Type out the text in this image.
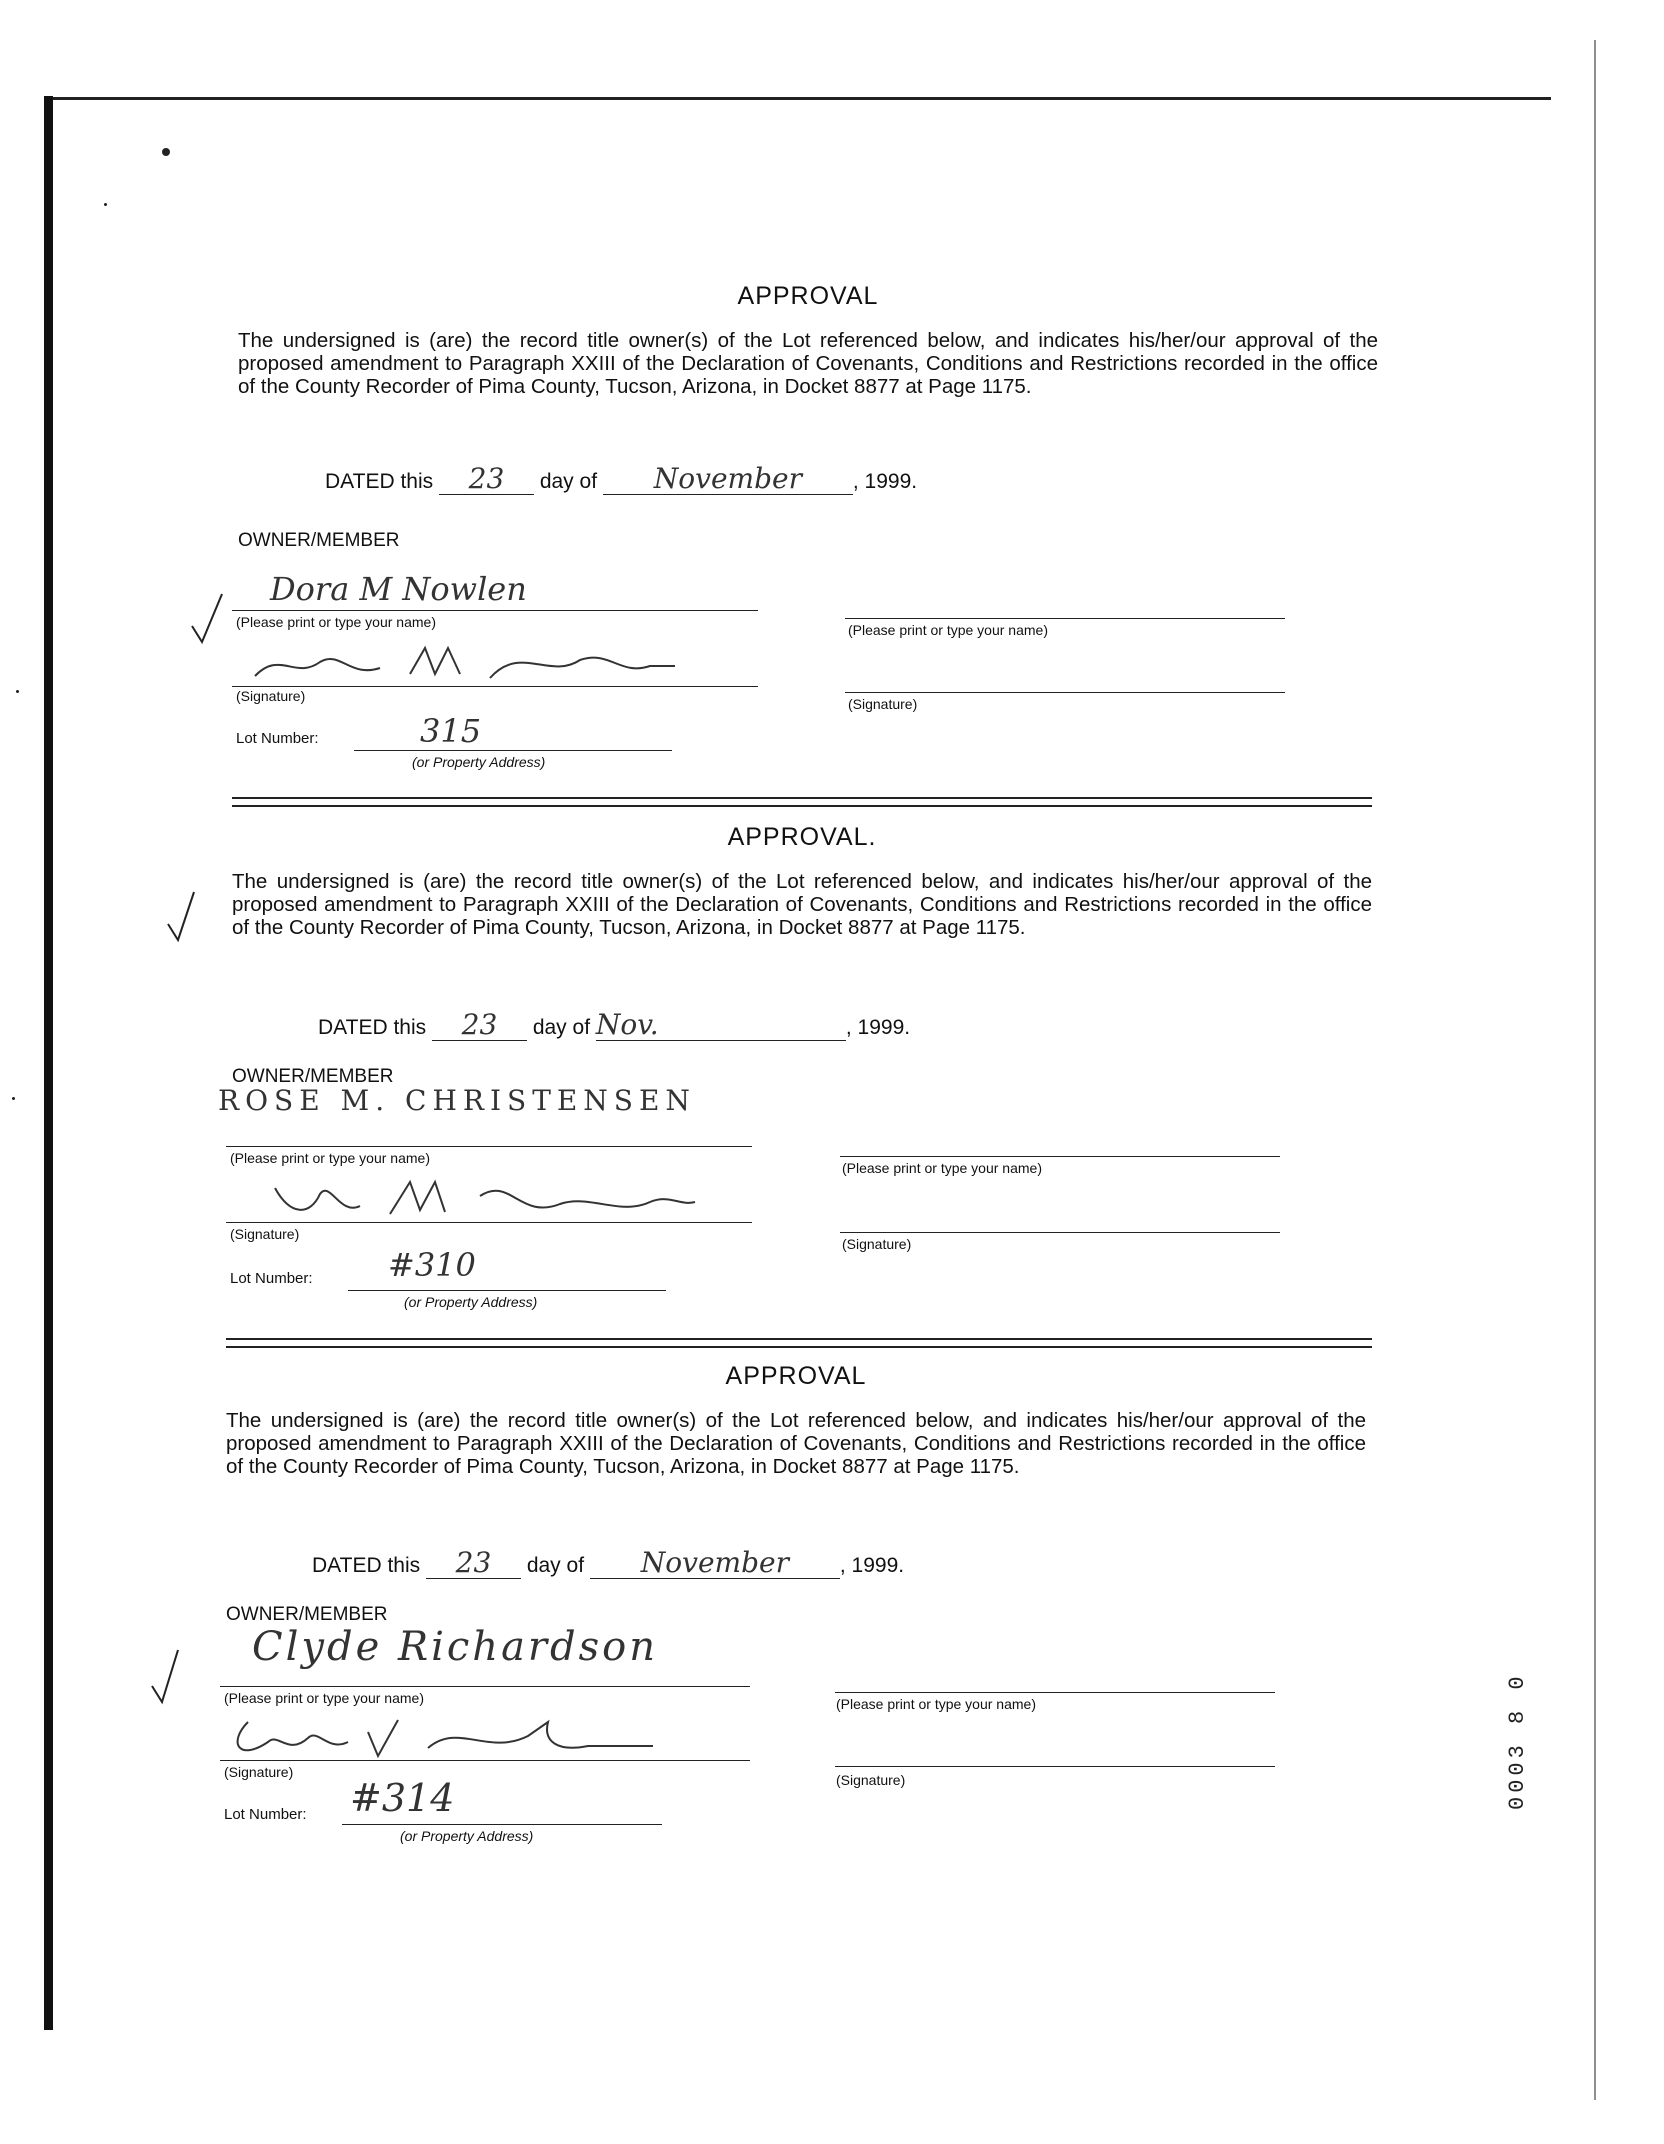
0003 8 0
APPROVAL

The undersigned is (are) the record title owner(s) of the Lot referenced below, and indicates his/her/our approval of the proposed amendment to Paragraph XXIII of the Declaration of Covenants, Conditions and Restrictions recorded in the office of the County Recorder of Pima County, Tucson, Arizona, in Docket 8877 at Page 1175.

DATED this 23 day of November , 1999.
OWNER/MEMBER
Dora M Nowlen
(Please print or type your name)
(Signature)
(Please print or type your name)
(Signature)
Lot Number:	315
(or Property Address)
APPROVAL.

The undersigned is (are) the record title owner(s) of the Lot referenced below, and indicates his/her/our approval of the proposed amendment to Paragraph XXIII of the Declaration of Covenants, Conditions and Restrictions recorded in the office of the County Recorder of Pima County, Tucson, Arizona, in Docket 8877 at Page 1175.

DATED this 23 day of Nov.	, 1999.
OWNER/MEMBER
ROSE M. CHRISTENSEN
(Please print or type your name)
(Signature)
(Please print or type your name)
(Signature)
Lot Number: #310
(or Property Address)
APPROVAL

The undersigned is (are) the record title owner(s) of the Lot referenced below, and indicates his/her/our approval of the proposed amendment to Paragraph XXIII of the Declaration of Covenants, Conditions and Restrictions recorded in the office of the County Recorder of Pima County, Tucson, Arizona, in Docket 8877 at Page 1175.

DATED this 23 day of November , 1999.
OWNER/MEMBER
Clyde Richardson
(Please print or type your name)
(Signature)
(Please print or type your name)
(Signature)
Lot Number: #314
(or Property Address)
